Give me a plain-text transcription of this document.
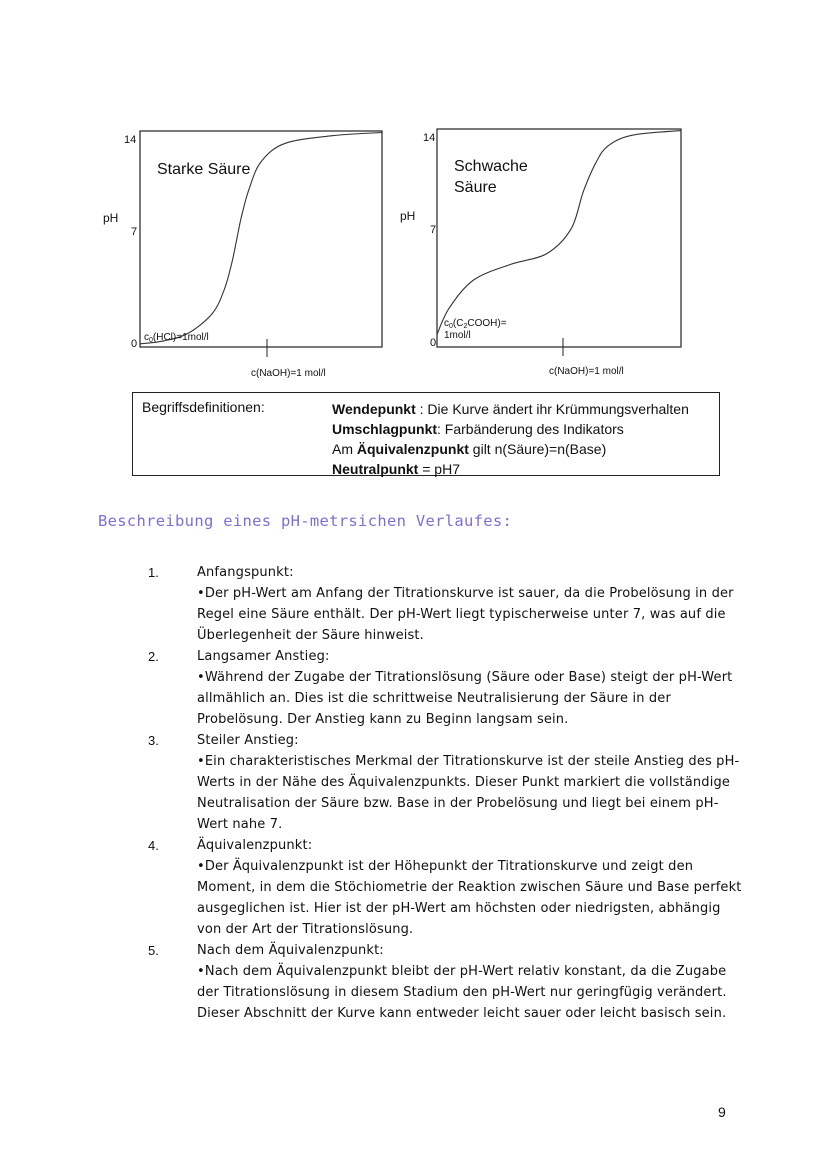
14
7
0
pH
Starke Säure
$c_0(HCl)=1mol/l$
c(NaOH)=1 mol/l
14
7
0
pH
Schwache
Säure
$c_0(C_2COOH)=$
1mol/l
c(NaOH)=1 mol/l
Begriffsdefinitionen:	Wendepunkt : Die Kurve ändert ihr Krümmungsverhalten
Umschlagpunkt: Farbänderung des Indikators
Am Äquivalenzpunkt gilt n(Säure)=n(Base)
Neutralpunkt = pH7
Beschreibung eines pH-metrsichen Verlaufes:
1.	Anfangspunkt:
•Der pH-Wert am Anfang der Titrationskurve ist sauer, da die Probelösung in der Regel eine Säure enthält. Der pH-Wert liegt typischerweise unter 7, was auf die Überlegenheit der Säure hinweist.
2.	Langsamer Anstieg:
•Während der Zugabe der Titrationslösung (Säure oder Base) steigt der pH-Wert allmählich an. Dies ist die schrittweise Neutralisierung der Säure in der Probelösung. Der Anstieg kann zu Beginn langsam sein.
3.	Steiler Anstieg:
•Ein charakteristisches Merkmal der Titrationskurve ist der steile Anstieg des pH-Werts in der Nähe des Äquivalenzpunkts. Dieser Punkt markiert die vollständige Neutralisation der Säure bzw. Base in der Probelösung und liegt bei einem pH-Wert nahe 7.
4.	Äquivalenzpunkt:
•Der Äquivalenzpunkt ist der Höhepunkt der Titrationskurve und zeigt den Moment, in dem die Stöchiometrie der Reaktion zwischen Säure und Base perfekt ausgeglichen ist. Hier ist der pH-Wert am höchsten oder niedrigsten, abhängig von der Art der Titrationslösung.
5.	Nach dem Äquivalenzpunkt:
•Nach dem Äquivalenzpunkt bleibt der pH-Wert relativ konstant, da die Zugabe der Titrationslösung in diesem Stadium den pH-Wert nur geringfügig verändert. Dieser Abschnitt der Kurve kann entweder leicht sauer oder leicht basisch sein.
9
